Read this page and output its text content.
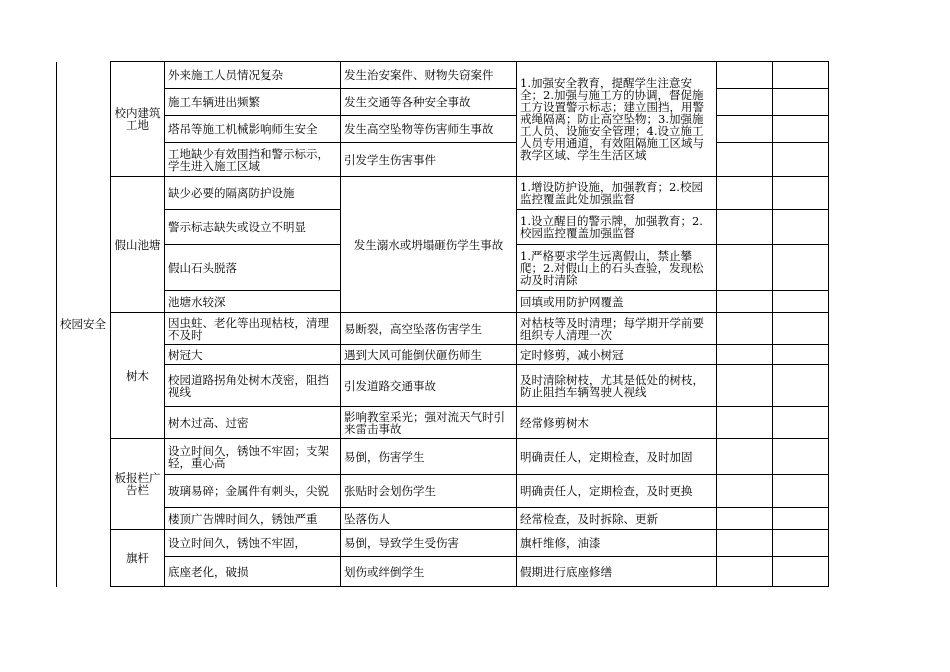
校园安全	校内建筑工地	外来施工人员情况复杂	发生治安案件、财物失窃案件	1.加强安全教育，提醒学生注意安全；2.加强与施工方的协调，督促施工方设置警示标志；建立围挡，用警戒绳隔离；防止高空坠物；3.加强施工人员、设施安全管理；4.设立施工人员专用通道，有效阻隔施工区域与教学区域、学生生活区域			
		施工车辆进出频繁	发生交通等各种安全事故				
		塔吊等施工机械影响师生安全	发生高空坠物等伤害师生事故				
		工地缺少有效围挡和警示标示，学生进入施工区域	引发学生伤害事件				
	假山池塘	缺少必要的隔离防护设施	发生溺水或坍塌砸伤学生事故	1.增设防护设施，加强教育；2.校园监控覆盖此处加强监督			
		警示标志缺失或设立不明显		1.设立醒目的警示牌，加强教育；2.校园监控覆盖加强监督			
		假山石头脱落		1.严格要求学生远离假山，禁止攀爬；2.对假山上的石头查验，发现松动及时清除			
		池塘水较深		回填或用防护网覆盖			
	树木	因虫蛀、老化等出现枯枝，清理不及时	易断裂，高空坠落伤害学生	对枯枝等及时清理；每学期开学前要组织专人清理一次			
		树冠大	遇到大风可能倒伏砸伤师生	定时修剪，减小树冠			
		校园道路拐角处树木茂密，阻挡视线	引发道路交通事故	及时清除树枝，尤其是低处的树枝，防止阻挡车辆驾驶人视线			
		树木过高、过密	影响教室采光；强对流天气时引来雷击事故	经常修剪树木			
	板报栏广告栏	设立时间久，锈蚀不牢固；支架轻，重心高	易倒，伤害学生	明确责任人，定期检查，及时加固			
		玻璃易碎；金属件有刺头，尖锐	张贴时会划伤学生	明确责任人，定期检查，及时更换			
		楼顶广告牌时间久，锈蚀严重	坠落伤人	经常检查，及时拆除、更新			
	旗杆	设立时间久，锈蚀不牢固，	易倒，导致学生受伤害	旗杆维修，油漆			
		底座老化，破损	划伤或绊倒学生	假期进行底座修缮			
